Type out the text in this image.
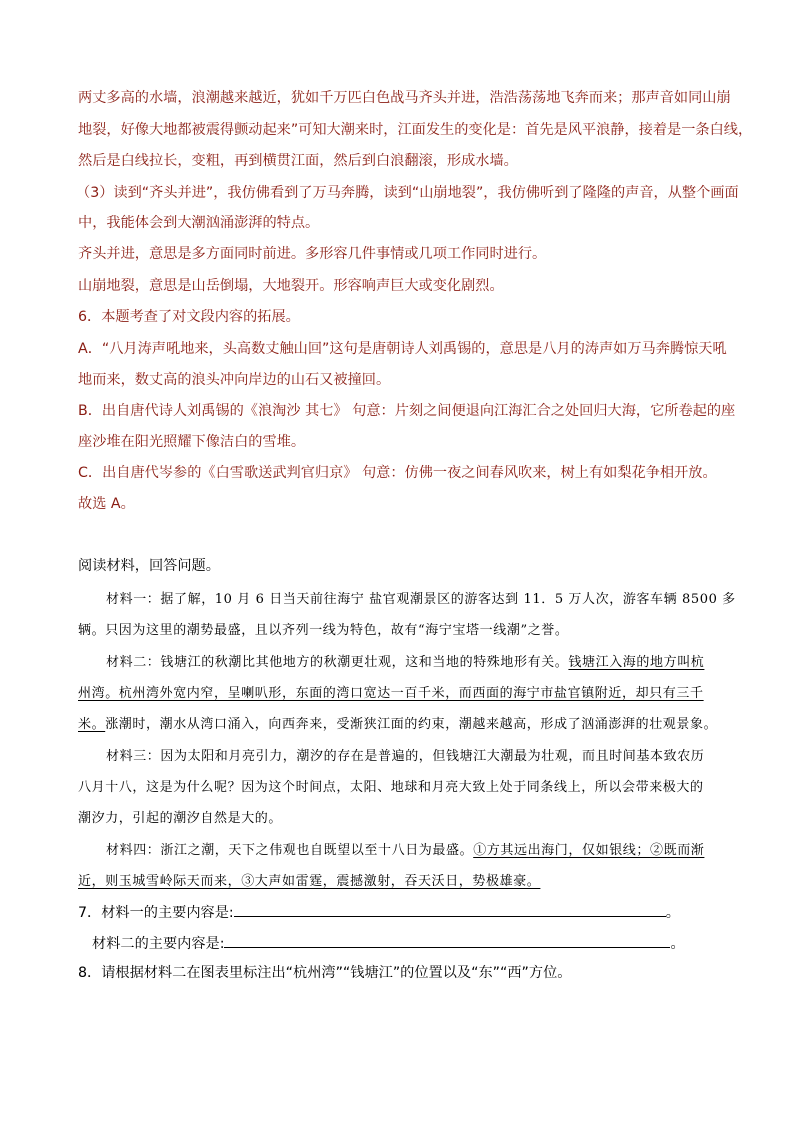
两丈多高的水墙，浪潮越来越近，犹如千万匹白色战马齐头并进，浩浩荡荡地飞奔而来；那声音如同山崩
地裂，好像大地都被震得颤动起来”可知大潮来时，江面发生的变化是：首先是风平浪静，接着是一条白线，
然后是白线拉长，变粗，再到横贯江面，然后到白浪翻滚，形成水墙。
（3）读到“齐头并进”，我仿佛看到了万马奔腾，读到“山崩地裂”，我仿佛听到了隆隆的声音，从整个画面
中，我能体会到大潮汹涌澎湃的特点。
齐头并进，意思是多方面同时前进。多形容几件事情或几项工作同时进行。
山崩地裂，意思是山岳倒塌，大地裂开。形容响声巨大或变化剧烈。
6．本题考查了对文段内容的拓展。
A．“八月涛声吼地来，头高数丈触山回”这句是唐朝诗人刘禹锡的，意思是八月的涛声如万马奔腾惊天吼
地而来，数丈高的浪头冲向岸边的山石又被撞回。
B．出自唐代诗人刘禹锡的《浪淘沙 其七》 句意：片刻之间便退向江海汇合之处回归大海，它所卷起的座
座沙堆在阳光照耀下像洁白的雪堆。
C．出自唐代岑参的《白雪歌送武判官归京》 句意：仿佛一夜之间春风吹来，树上有如梨花争相开放。
故选 A。
阅读材料，回答问题。
材料一：据了解，10 月 6 日当天前往海宁 盐官观潮景区的游客达到 11．5 万人次，游客车辆 8500 多
辆。只因为这里的潮势最盛，且以齐列一线为特色，故有“海宁宝塔一线潮”之誉。
材料二：钱塘江的秋潮比其他地方的秋潮更壮观，这和当地的特殊地形有关。钱塘江入海的地方叫杭
州湾。杭州湾外宽内窄，呈喇叭形，东面的湾口宽达一百千米，而西面的海宁市盐官镇附近，却只有三千
米。涨潮时，潮水从湾口涌入，向西奔来，受渐狭江面的约束，潮越来越高，形成了汹涌澎湃的壮观景象。
材料三：因为太阳和月亮引力，潮汐的存在是普遍的，但钱塘江大潮最为壮观，而且时间基本致农历
八月十八，这是为什么呢？因为这个时间点，太阳、地球和月亮大致上处于同条线上，所以会带来极大的
潮汐力，引起的潮汐自然是大的。
材料四：浙江之潮，天下之伟观也自既望以至十八日为最盛。①方其远出海门，仅如银线；②既而渐
近，则玉城雪岭际天而来，③大声如雷霆，震撼激射，吞天沃日，势极雄豪。
7．材料一的主要内容是:	。
材料二的主要内容是:	。
8．请根据材料二在图表里标注出“杭州湾”“钱塘江”的位置以及“东”“西”方位。
